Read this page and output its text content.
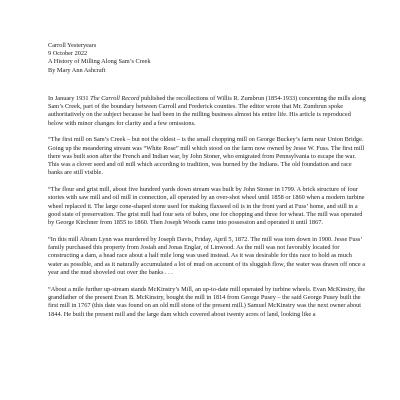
Carroll Yesteryears
9 October 2022
A History of Milling Along Sam’s Creek
By Mary Ann Ashcraft

In January 1931 The Carroll Record published the recollections of Willis R. Zumbrun (1854-1933) concerning the mills along Sam’s Creek, part of the boundary between Carroll and Frederick counties. The editor wrote that Mr. Zumbrun spoke authoritatively on the subject because he had been in the milling business almost his entire life. His article is reproduced below with minor changes for clarity and a few omissions.

“The first mill on Sam’s Creek – but not the oldest – is the small chopping mill on George Buckey’s farm near Union Bridge. Going up the meandering stream was “White Rose” mill which stood on the farm now owned by Jesse W. Fuss. The first mill there was built soon after the French and Indian war, by John Stoner, who emigrated from Pennsylvania to escape the war. This was a clover seed and oil mill which according to tradition, was burned by the Indians. The old foundation and race banks are still visible.

“The flour and grist mill, about five hundred yards down stream was built by John Stoner in 1799. A brick structure of four stories with saw mill and oil mill in connection, all operated by an over-shot wheel until 1858 or 1860 when a modern turbine wheel replaced it. The large cone-shaped stone used for making flaxseed oil is in the front yard at Fuss’ home, and still in a good state of preservation. The grist mill had four sets of buhrs, one for chopping and three for wheat. The mill was operated by George Kirchner from 1855 to 1860. Then Joseph Woods came into possession and operated it until 1867.

“In this mill Abram Lynn was murdered by Joseph Davis, Friday, April 5, 1872. The mill was torn down in 1900. Jesse Fuss’ family purchased this property from Josiah and Jonas Englar, of Linwood. As the mill was not favorably located for constructing a dam, a head race about a half mile long was used instead. As it was desirable for this race to hold as much water as possible, and as it naturally accumulated a lot of mud on account of its sluggish flow, the water was drawn off once a year and the mud shoveled out over the banks . . .

“About a mile further up-stream stands McKinstry’s Mill, an up-to-date mill operated by turbine wheels. Evan McKinstry, the grandfather of the present Evan B. McKinstry, bought the mill in 1814 from George Pusey – the said George Pusey built the first mill in 1767 (this date was found on an old mill stone of the present mill.) Samuel McKinstry was the next owner about 1844. He built the present mill and the large dam which covered about twenty acres of land, looking like a
